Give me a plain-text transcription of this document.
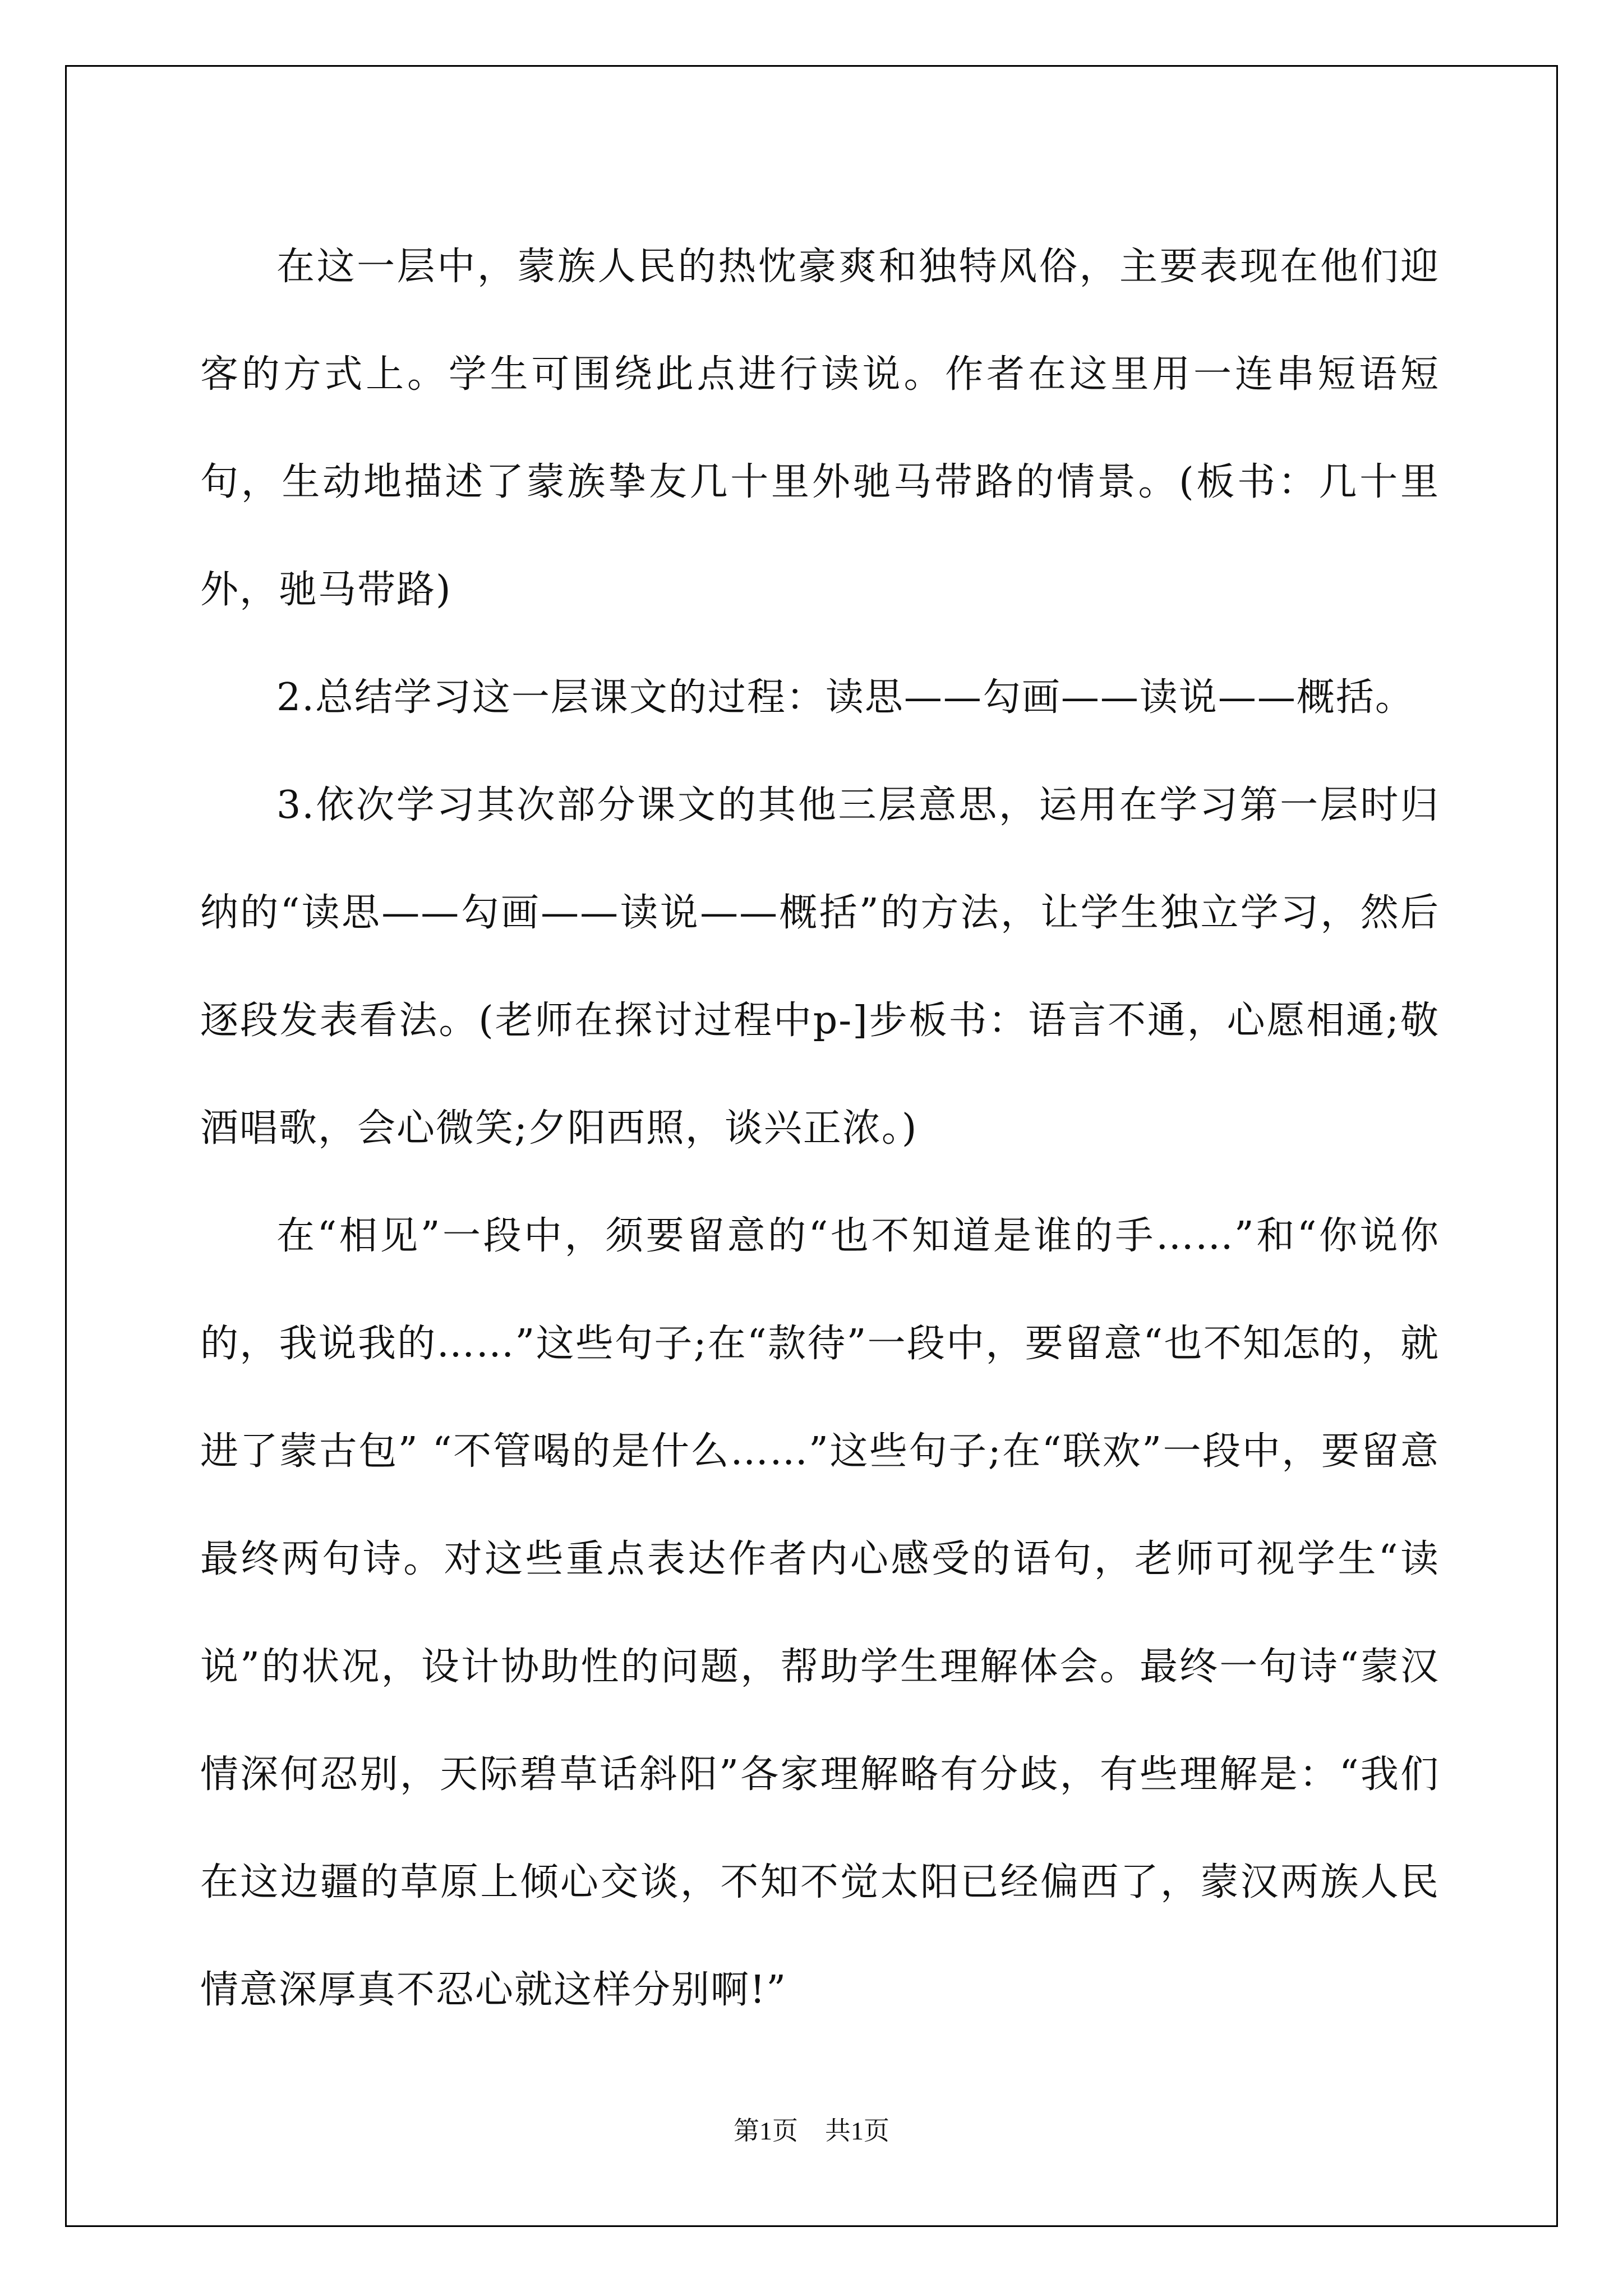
在这一层中，蒙族人民的热忱豪爽和独特风俗，主要表现在他们迎客的方式上。学生可围绕此点进行读说。作者在这里用一连串短语短句，生动地描述了蒙族挚友几十里外驰马带路的情景。(板书：几十里外，驰马带路)

2.总结学习这一层课文的过程：读思——勾画——读说——概括。

3.依次学习其次部分课文的其他三层意思，运用在学习第一层时归纳的“读思——勾画——读说——概括”的方法，让学生独立学习，然后逐段发表看法。(老师在探讨过程中p-]步板书：语言不通，心愿相通;敬酒唱歌，会心微笑;夕阳西照，谈兴正浓。)

在“相见”一段中，须要留意的“也不知道是谁的手……”和“你说你的，我说我的……”这些句子;在“款待”一段中，要留意“也不知怎的，就进了蒙古包” “不管喝的是什么……”这些句子;在“联欢”一段中，要留意最终两句诗。对这些重点表达作者内心感受的语句，老师可视学生“读说”的状况，设计协助性的问题，帮助学生理解体会。最终一句诗“蒙汉情深何忍别，天际碧草话斜阳”各家理解略有分歧，有些理解是：“我们在这边疆的草原上倾心交谈，不知不觉太阳已经偏西了，蒙汉两族人民情意深厚真不忍心就这样分别啊!”

第1页 共1页
